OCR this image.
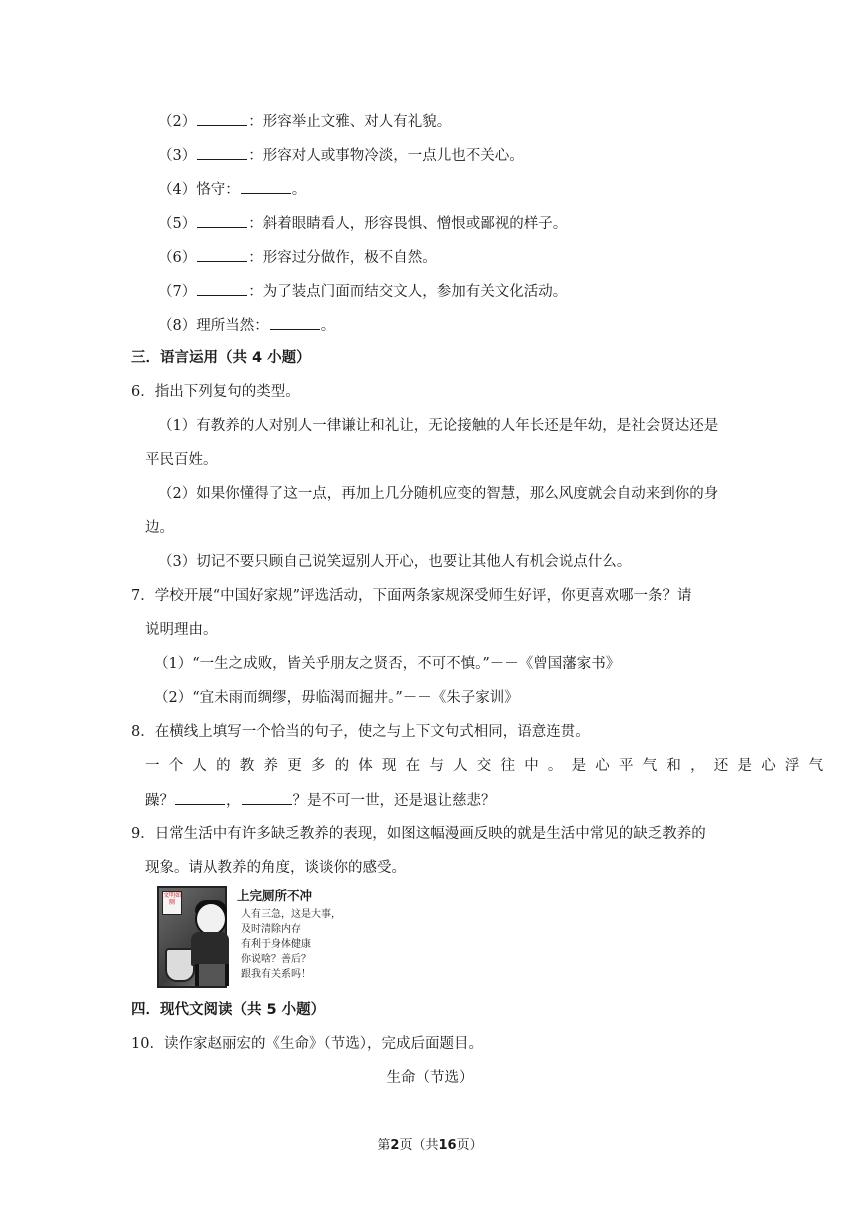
（2）	：形容举止文雅、对人有礼貌。
（3）	：形容对人或事物冷淡，一点儿也不关心。
（4）恪守：	。
（5）	：斜着眼睛看人，形容畏惧、憎恨或鄙视的样子。
（6）	：形容过分做作，极不自然。
（7）	：为了装点门面而结交文人，参加有关文化活动。
（8）理所当然：	。
三．语言运用（共 4 小题）
6．指出下列复句的类型。
（1）有教养的人对别人一律谦让和礼让，无论接触的人年长还是年幼，是社会贤达还是
平民百姓。
（2）如果你懂得了这一点，再加上几分随机应变的智慧，那么风度就会自动来到你的身
边。
（3）切记不要只顾自己说笑逗别人开心，也要让其他人有机会说点什么。
7．学校开展“中国好家规”评选活动，下面两条家规深受师生好评，你更喜欢哪一条？请
说明理由。
（1）“一生之成败，皆关乎朋友之贤否，不可不慎。”－－《曾国藩家书》
（2）“宜未雨而绸缪，毋临渴而掘井。”－－《朱子家训》
8．在横线上填写一个恰当的句子，使之与上下文句式相同，语意连贯。
一个人的教养更多的体现在与人交往中。是心平气和，还是心浮气
躁？	，	？是不可一世，还是退让慈悲？
9．日常生活中有许多缺乏教养的表现，如图这幅漫画反映的就是生活中常见的缺乏教养的
现象。请从教养的角度，谈谈你的感受。
文明如厕	上完厕所不冲
人有三急，这是大事，
及时清除内存
有利于身体健康
你说啥？善后？
跟我有关系吗！
四．现代文阅读（共 5 小题）
10．读作家赵丽宏的《生命》（节选），完成后面题目。
生命（节选）
第2页（共16页）
